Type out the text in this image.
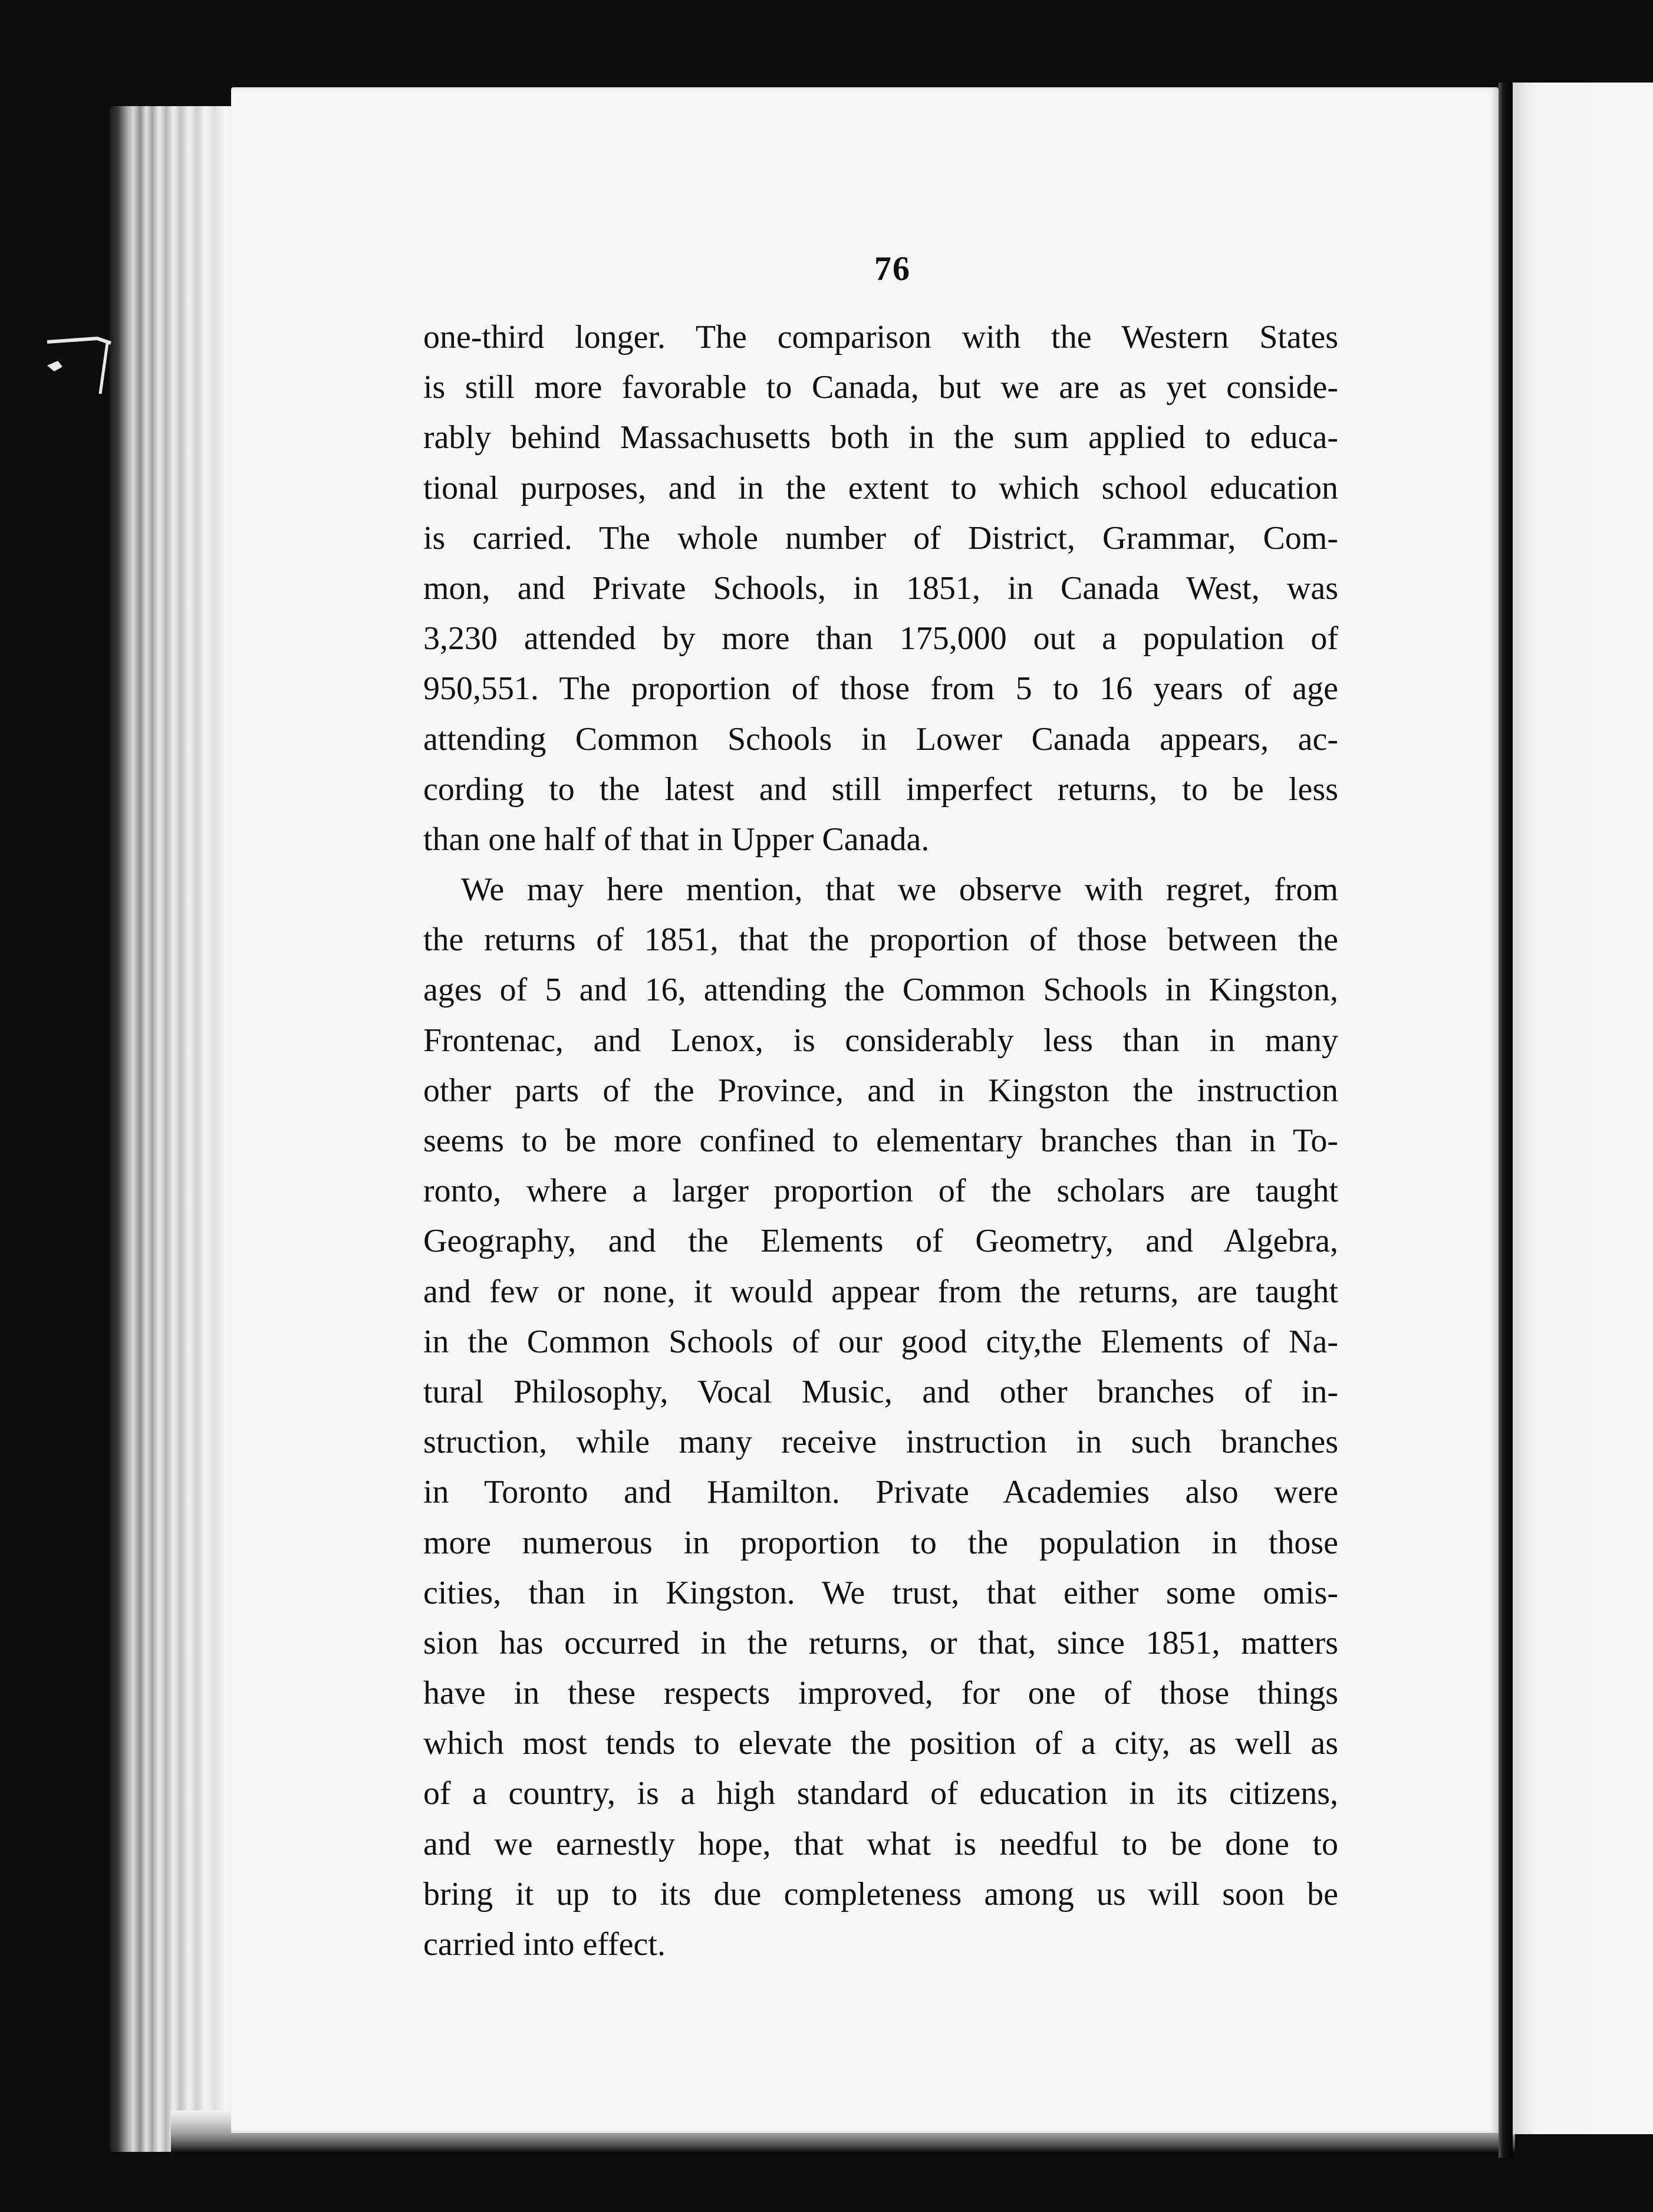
76
one-third longer. The comparison with the Western States
is still more favorable to Canada, but we are as yet conside-
rably behind Massachusetts both in the sum applied to educa-
tional purposes, and in the extent to which school education
is carried. The whole number of District, Grammar, Com-
mon, and Private Schools, in 1851, in Canada West, was
3,230 attended by more than 175,000 out a population of
950,551. The proportion of those from 5 to 16 years of age
attending Common Schools in Lower Canada appears, ac-
cording to the latest and still imperfect returns, to be less
than one half of that in Upper Canada.
We may here mention, that we observe with regret, from
the returns of 1851, that the proportion of those between the
ages of 5 and 16, attending the Common Schools in Kingston,
Frontenac, and Lenox, is considerably less than in many
other parts of the Province, and in Kingston the instruction
seems to be more confined to elementary branches than in To-
ronto, where a larger proportion of the scholars are taught
Geography, and the Elements of Geometry, and Algebra,
and few or none, it would appear from the returns, are taught
in the Common Schools of our good city,the Elements of Na-
tural Philosophy, Vocal Music, and other branches of in-
struction, while many receive instruction in such branches
in Toronto and Hamilton. Private Academies also were
more numerous in proportion to the population in those
cities, than in Kingston. We trust, that either some omis-
sion has occurred in the returns, or that, since 1851, matters
have in these respects improved, for one of those things
which most tends to elevate the position of a city, as well as
of a country, is a high standard of education in its citizens,
and we earnestly hope, that what is needful to be done to
bring it up to its due completeness among us will soon be
carried into effect.
